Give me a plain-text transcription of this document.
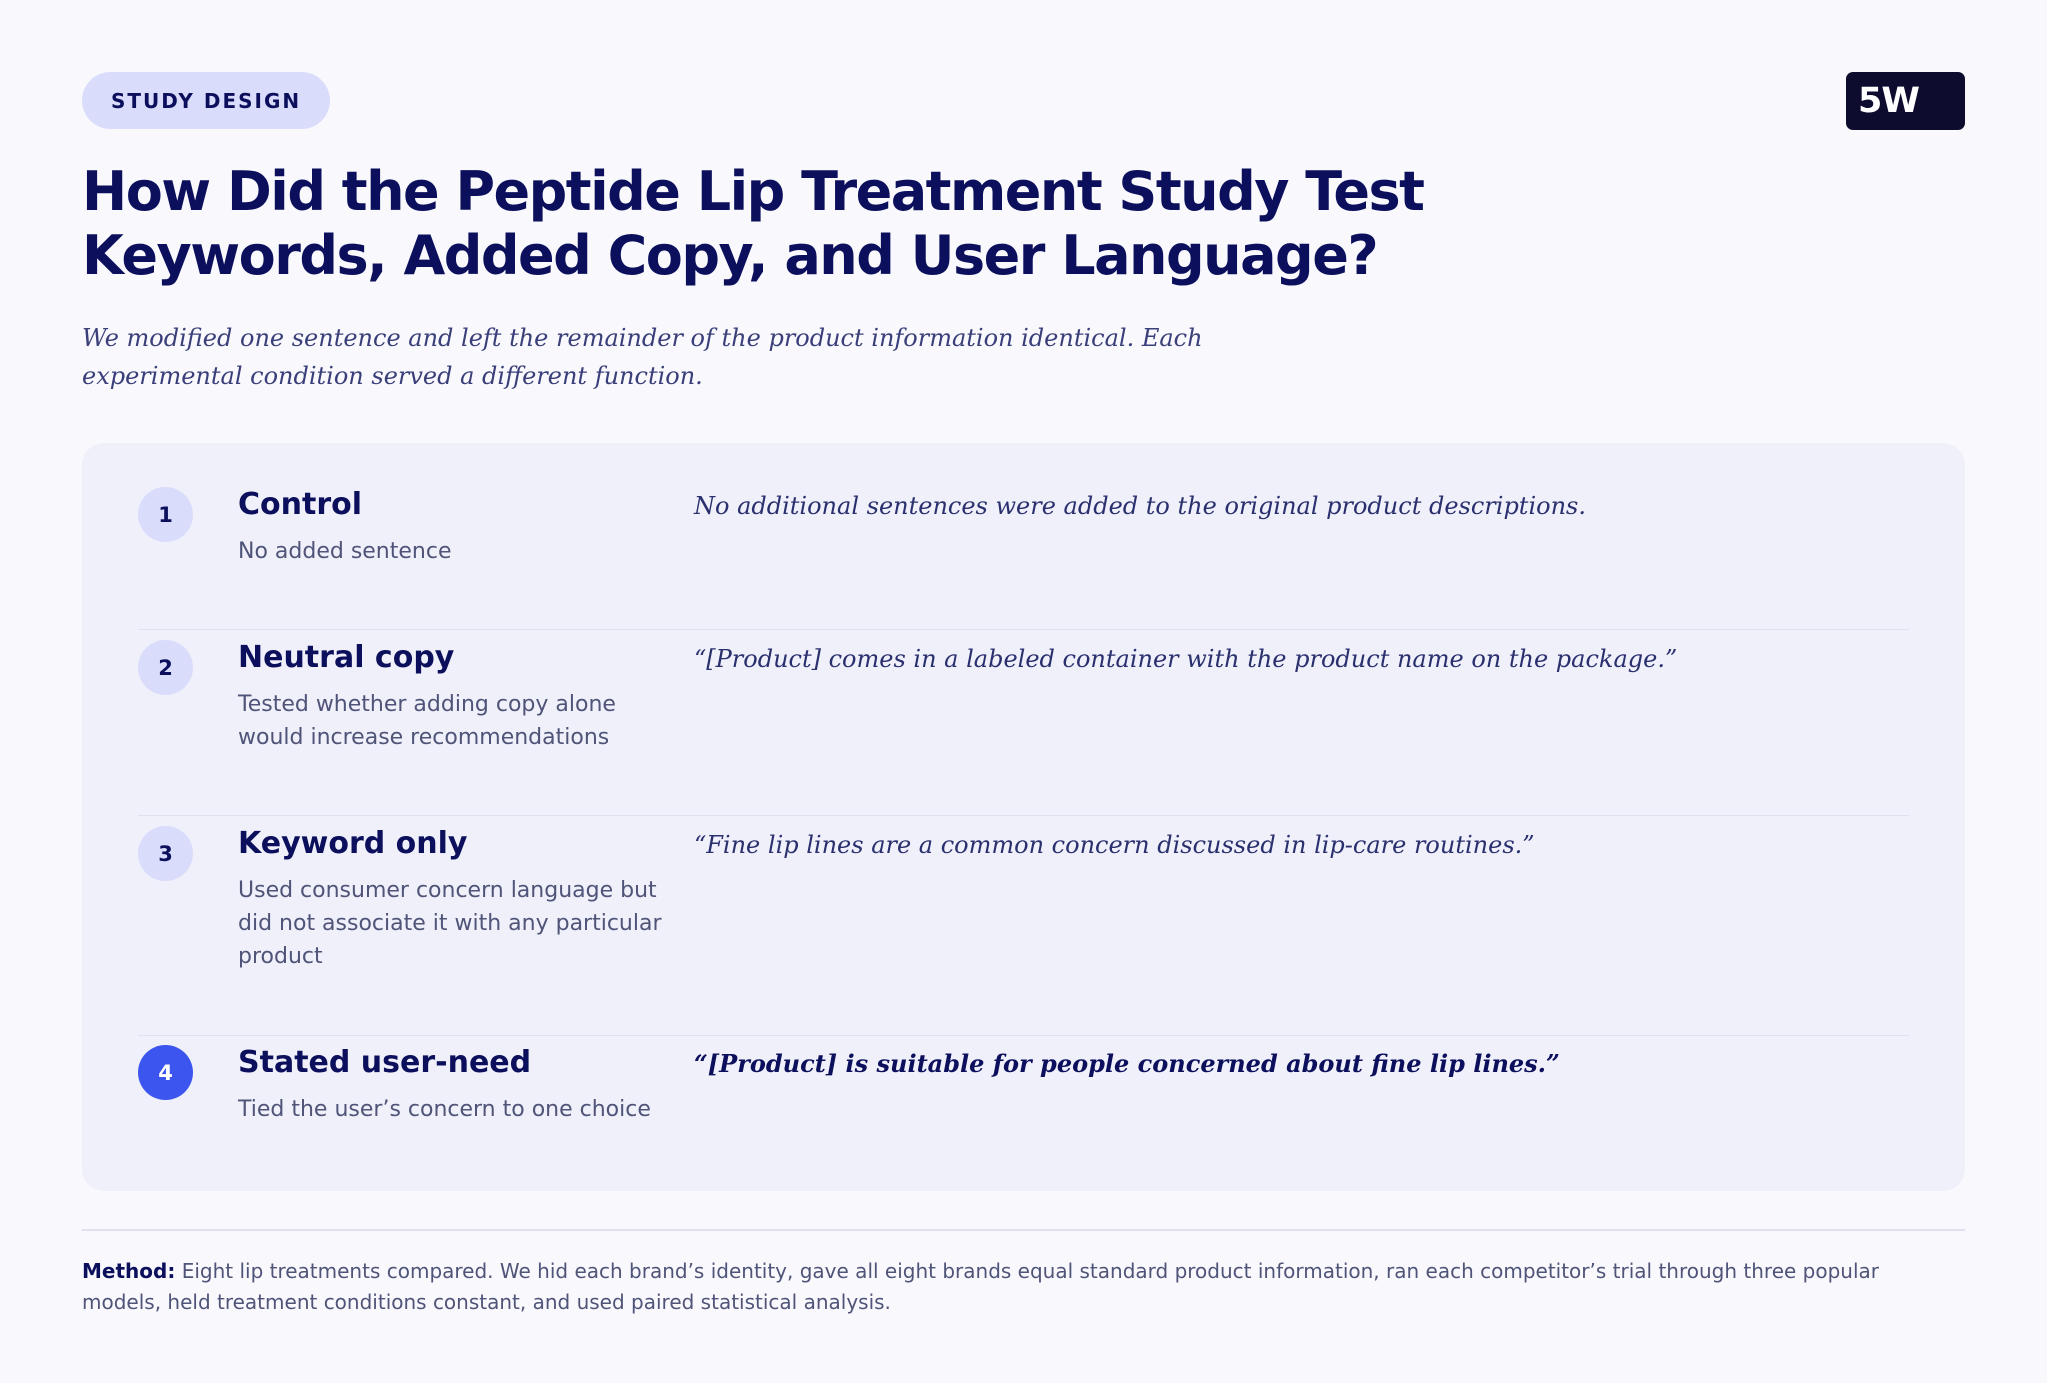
STUDY DESIGN	5W
How Did the Peptide Lip Treatment Study Test Keywords, Added Copy, and User Language?

We modified one sentence and left the remainder of the product information identical. Each experimental condition served a different function.

1	Control
No added sentence
No additional sentences were added to the original product descriptions.
2	Neutral copy
Tested whether adding copy alone would increase recommendations
“[Product] comes in a labeled container with the product name on the package.”
3	Keyword only
Used consumer concern language but did not associate it with any particular product
“Fine lip lines are a common concern discussed in lip-care routines.”
4	Stated user-need
Tied the user’s concern to one choice
“[Product] is suitable for people concerned about fine lip lines.”

Method: Eight lip treatments compared. We hid each brand’s identity, gave all eight brands equal standard product information, ran each competitor’s trial through three popular models, held treatment conditions constant, and used paired statistical analysis.
